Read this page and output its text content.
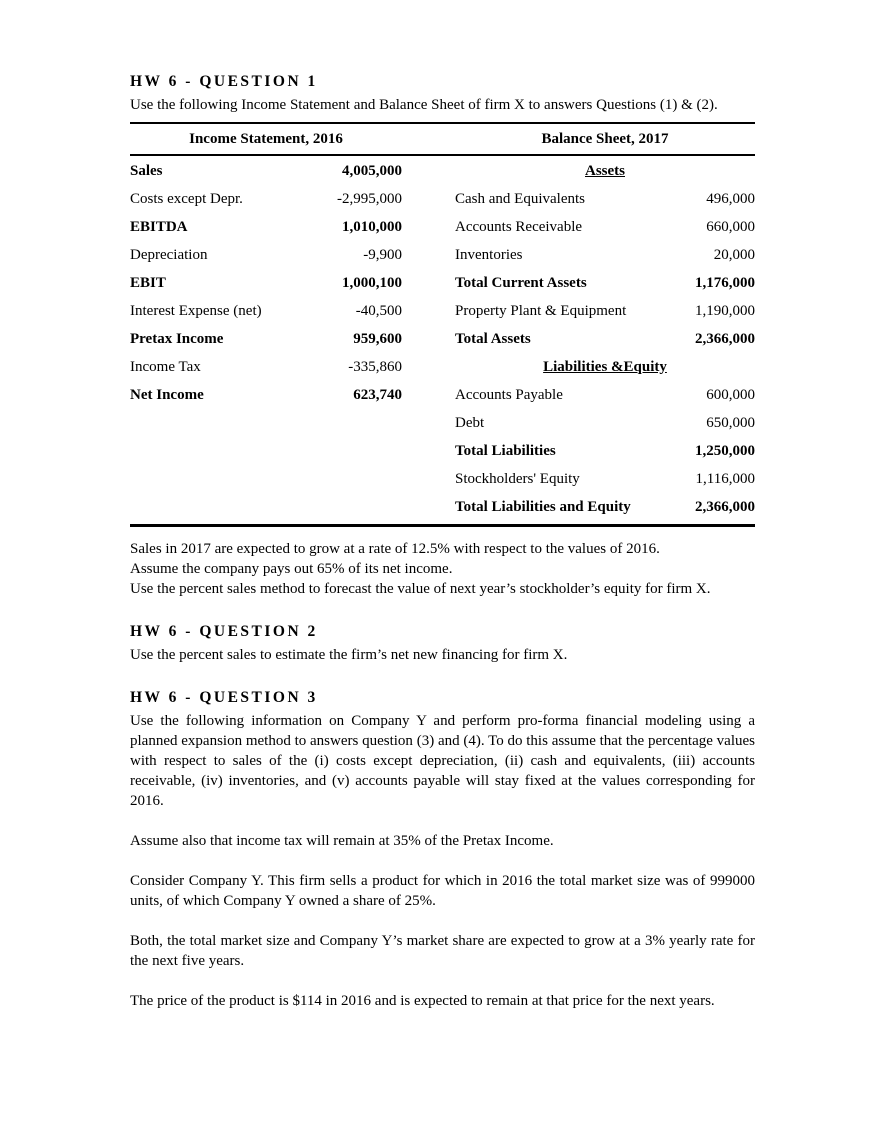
HW 6 - QUESTION 1

Use the following Income Statement and Balance Sheet of firm X to answers Questions (1) & (2).

Income Statement, 2016	Balance Sheet, 2017
Sales	4,005,000	Assets
Costs except Depr.	-2,995,000	Cash and Equivalents	496,000
EBITDA	1,010,000	Accounts Receivable	660,000
Depreciation	-9,900	Inventories	20,000
EBIT	1,000,100	Total Current Assets	1,176,000
Interest Expense (net)	-40,500	Property Plant & Equipment	1,190,000
Pretax Income	959,600	Total Assets	2,366,000
Income Tax	-335,860	Liabilities &Equity
Net Income	623,740	Accounts Payable	600,000
Debt	650,000
Total Liabilities	1,250,000
Stockholders' Equity	1,116,000
Total Liabilities and Equity	2,366,000

Sales in 2017 are expected to grow at a rate of 12.5% with respect to the values of 2016.

Assume the company pays out 65% of its net income.

Use the percent sales method to forecast the value of next year’s stockholder’s equity for firm X.

HW 6 - QUESTION 2

Use the percent sales to estimate the firm’s net new financing for firm X.

HW 6 - QUESTION 3

Use the following information on Company Y and perform pro-forma financial modeling using a planned expansion method to answers question (3) and (4). To do this assume that the percentage values with respect to sales of the (i) costs except depreciation, (ii) cash and equivalents, (iii) accounts receivable, (iv) inventories, and (v) accounts payable will stay fixed at the values corresponding for 2016.

Assume also that income tax will remain at 35% of the Pretax Income.

Consider Company Y. This firm sells a product for which in 2016 the total market size was of 999000 units, of which Company Y owned a share of 25%.

Both, the total market size and Company Y’s market share are expected to grow at a 3% yearly rate for the next five years.

The price of the product is $114 in 2016 and is expected to remain at that price for the next years.
